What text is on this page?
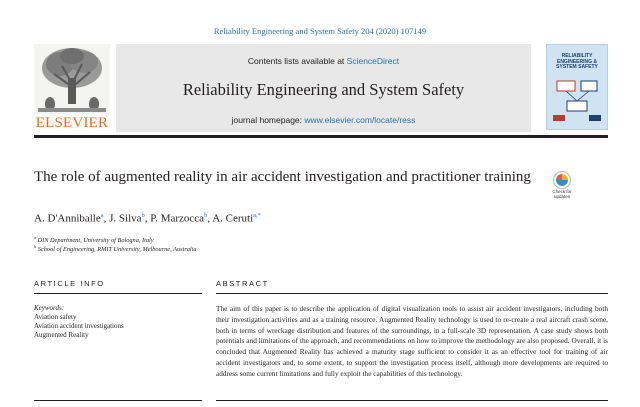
Reliability Engineering and System Safety 204 (2020) 107149
ELSEVIER
Contents lists available at ScienceDirect
Reliability Engineering and System Safety
journal homepage: www.elsevier.com/locate/ress
RELIABILITY ENGINEERING & SYSTEM SAFETY
The role of augmented reality in air accident investigation and practitioner training
Check for updates
A. D'Anniballe$^a$, J. Silva$^b$, P. Marzocca$^b$, A. Ceruti$^{a,*}$
$^a$ DIN Department, University of Bologna, Italy
$^b$ School of Engineering, RMIT University, Melbourne, Australia
ARTICLE INFO	ABSTRACT
Keywords:
Aviation safety
Aviation accident investigations
Augmented Reality
The aim of this paper is to describe the application of digital visualization tools to assist air accident investigators, including both their investigation activities and as a training resource. Augmented Reality technology is used to re-create a real aircraft crash scene, both in terms of wreckage distribution and features of the surroundings, in a full-scale 3D representation. A case study shows both potentials and limitations of the approach, and recommendations on how to improve the methodology are also proposed. Overall, it is concluded that Augmented Reality has achieved a maturity stage sufficient to consider it as an effective tool for training of air accident investigators and, to some extent, to support the investigation process itself, although more developments are required to address some current limitations and fully exploit the capabilities of this technology.
